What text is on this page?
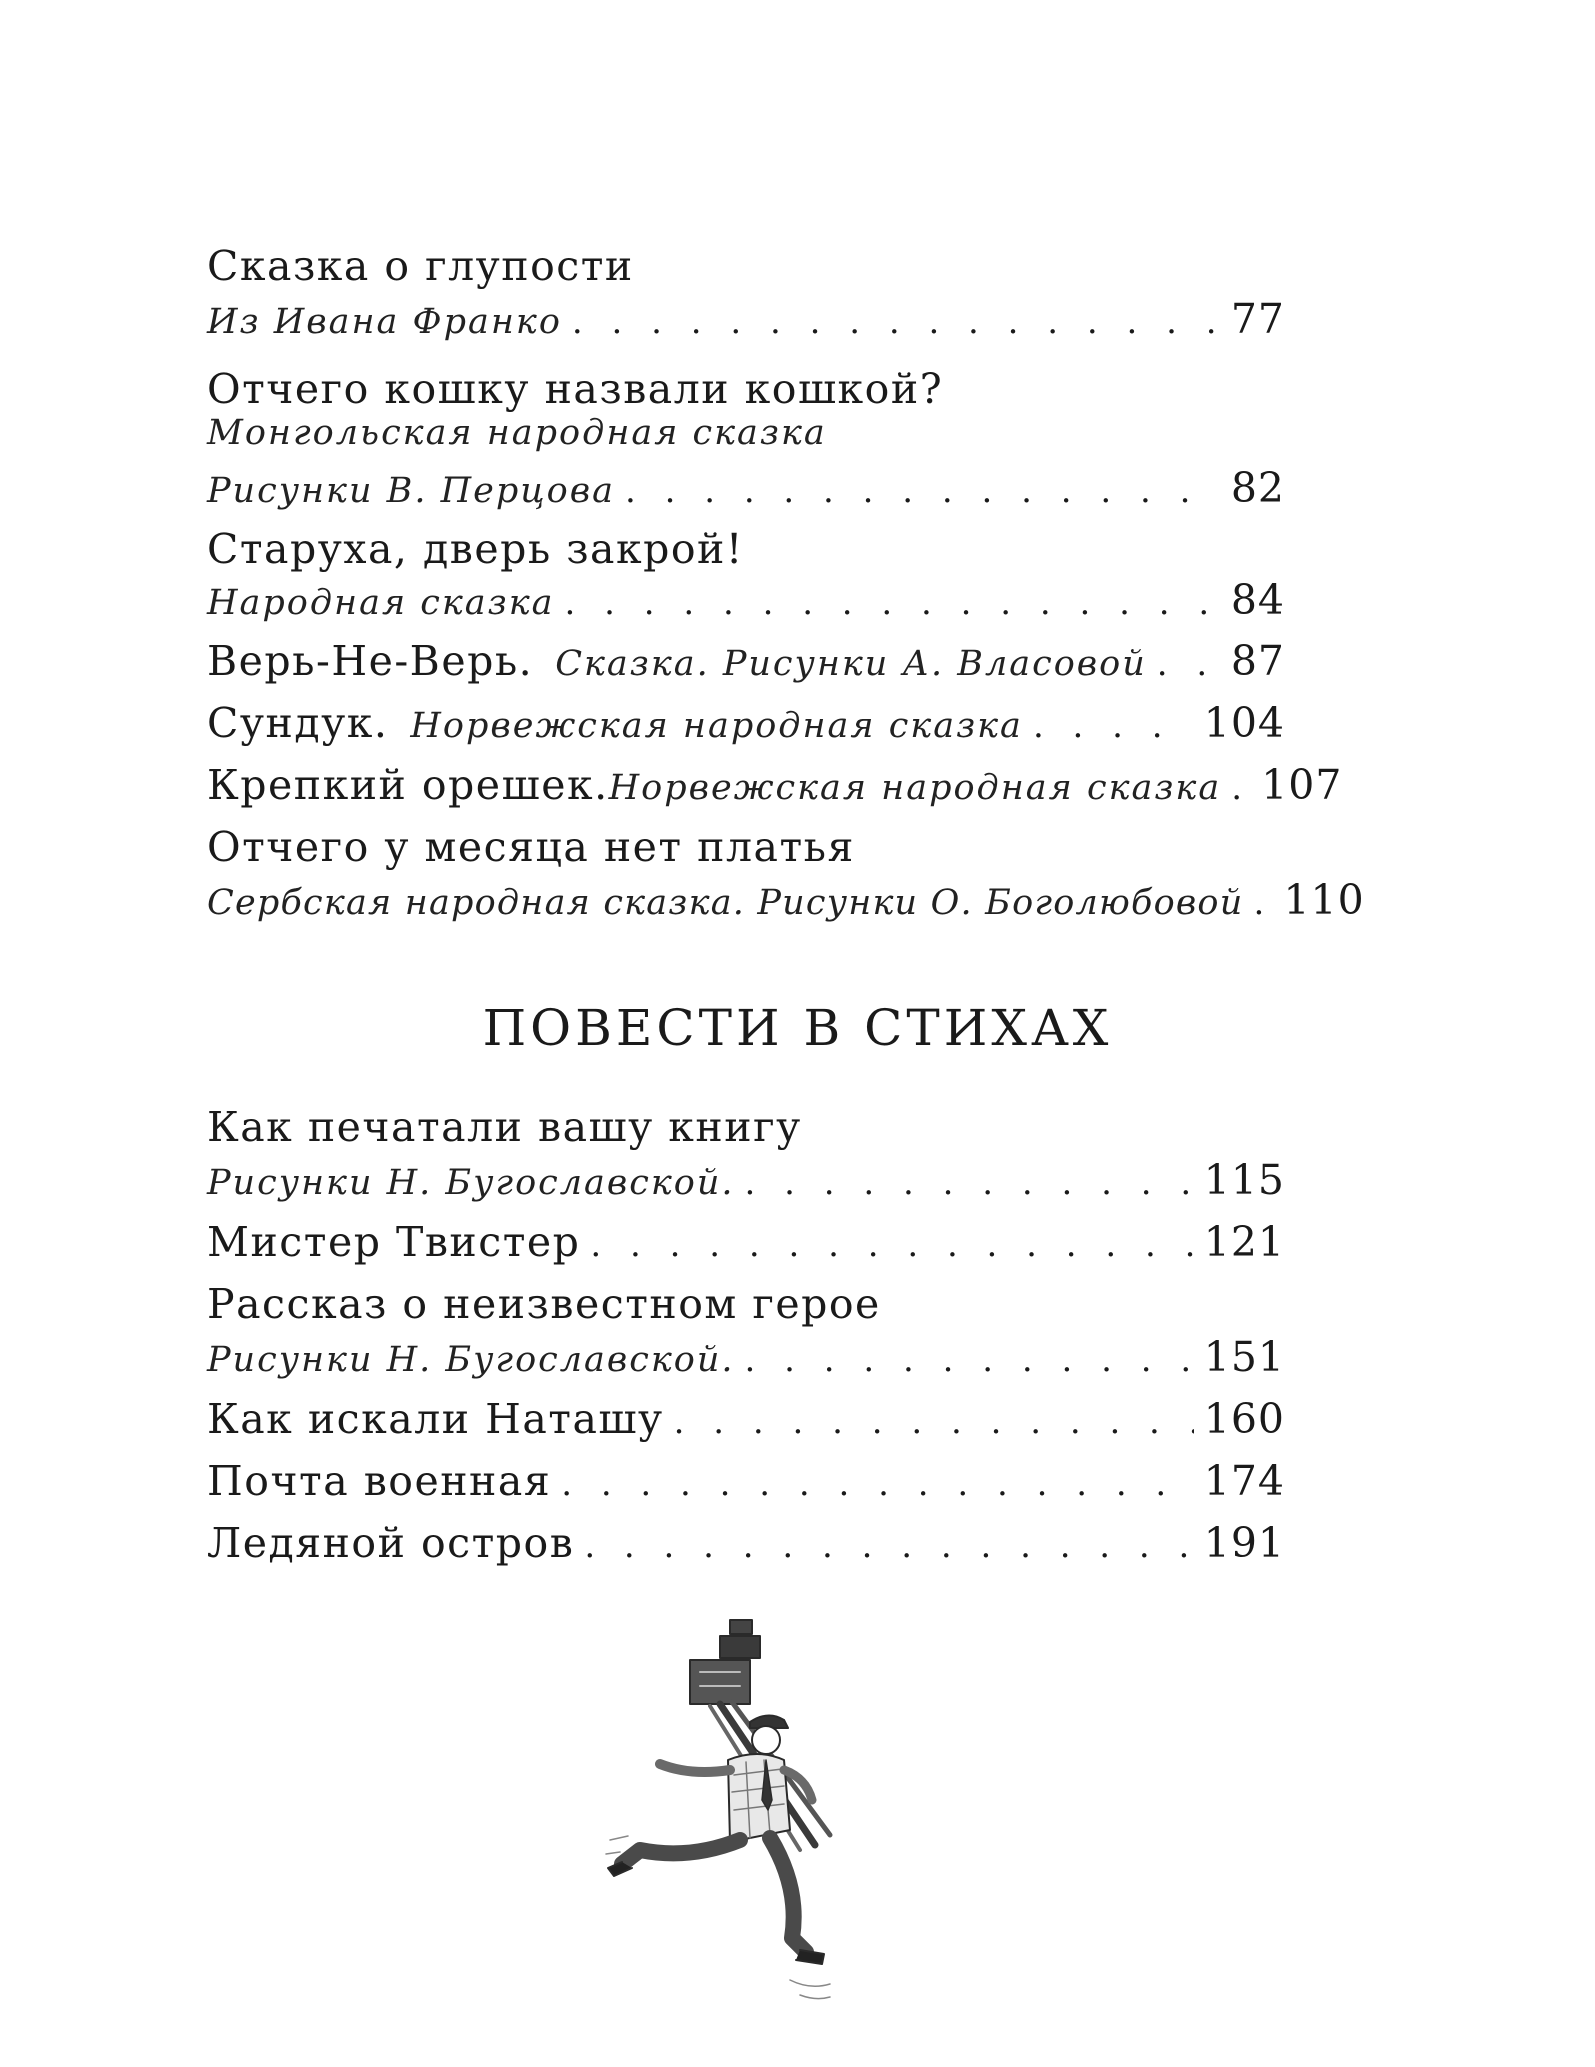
Сказка о глупости
Из Ивана Франко . . .	77
Отчего кошку назвали кошкой?
Монгольская народная сказка
Рисунки В. Перцова . . .	82
Старуха, дверь закрой!
Народная сказка . . .	84
Верь-Не-Верь. Сказка. Рисунки А. Власовой . . . 87
Сундук. Норвежская народная сказка . . .	104
Крепкий орешек. Норвежская народная сказка . . . 107
Отчего у месяца нет платья
Сербская народная сказка. Рисунки О. Боголюбовой . . . 110
Как печатали вашу книгу
Рисунки Н. Бугославской. . . .	115
Мистер Твистер . . .	121
Рассказ о неизвестном герое
Рисунки Н. Бугославской. . . .	151
Как искали Наташу . . .	160
Почта военная . . .	174
Ледяной остров . . .	191
ПОВЕСТИ В СТИХАХ
